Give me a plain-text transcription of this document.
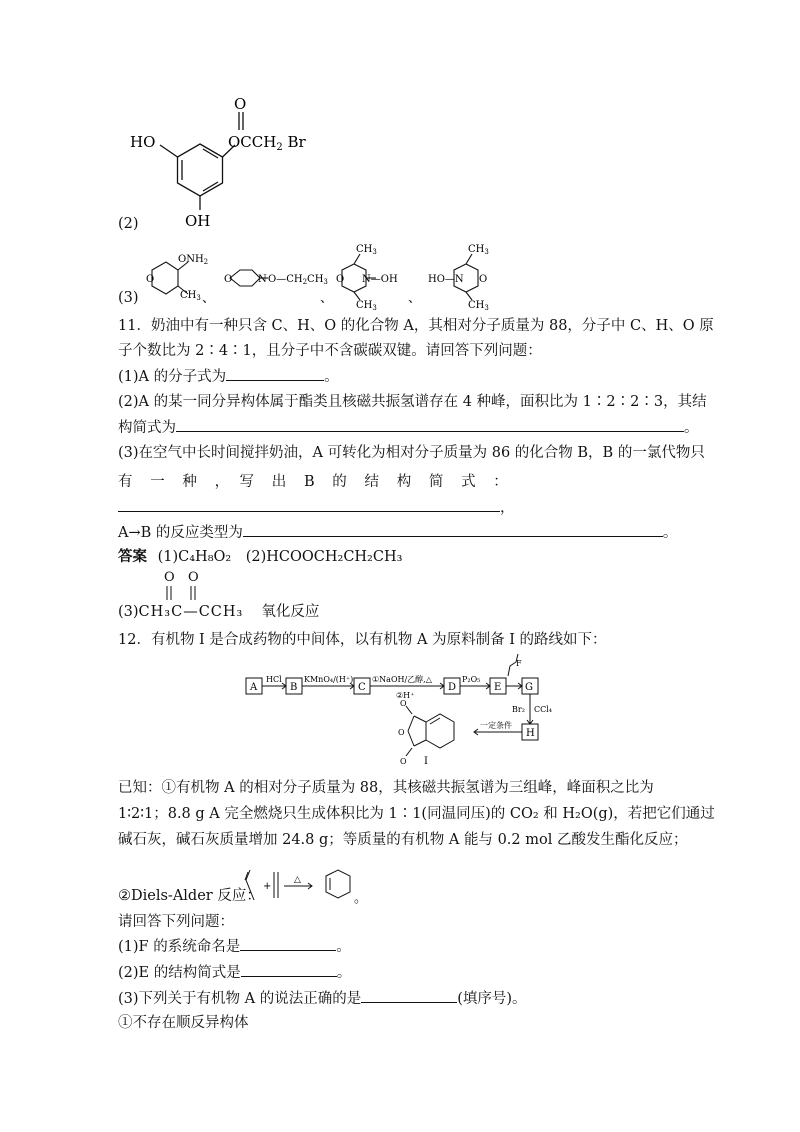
(2)
O
HO	$OCCH_2$ Br
OH
(3)
O
$ONH_2$
$CH_3$ 、
O	N $O—CH_2CH_3$
、
O
$CH_3$
N—OH
$CH_3$
、
HO—N O
$CH_3$
$CH_3$
11．奶油中有一种只含 C、H、O 的化合物 A，其相对分子质量为 88，分子中 C、H、O 原
子个数比为 2∶4∶1，且分子中不含碳碳双键。请回答下列问题：
(1)A 的分子式为	。
(2)A 的某一同分异构体属于酯类且核磁共振氢谱存在 4 种峰，面积比为 1∶2∶2∶3，其结
构简式为	。
(3)在空气中长时间搅拌奶油，A 可转化为相对分子质量为 86 的化合物 B，B 的一氯代物只
有　一　种　，　写　出　B　的　结　构　简　式　：
，
A→B 的反应类型为	。
答案 (1)C₄H₈O₂　(2)HCOOCH₂CH₂CH₃
O O
(3)CH₃C—CCH₃ 氧化反应
12．有机物 I 是合成药物的中间体，以有机物 A 为原料制备 I 的路线如下：
A	B	C	D	E G
H
I
F
HCl	KMnO₄/(H⁺) ①NaOH/乙醇,△
②H⁺
P₂O₅
Br₂ CCl₄
一定条件
O
O
O
已知：①有机物 A 的相对分子质量为 88，其核磁共振氢谱为三组峰，峰面积之比为
1∶2∶1；8.8 g A 完全燃烧只生成体积比为 1∶1(同温同压)的 CO₂ 和 H₂O(g)，若把它们通过
碱石灰，碱石灰质量增加 24.8 g；等质量的有机物 A 能与 0.2 mol 乙酸发生酯化反应；
②Diels-Alder 反应：
+
△
。
请回答下列问题：
(1)F 的系统命名是	。
(2)E 的结构简式是	。
(3)下列关于有机物 A 的说法正确的是	(填序号)。
①不存在顺反异构体
